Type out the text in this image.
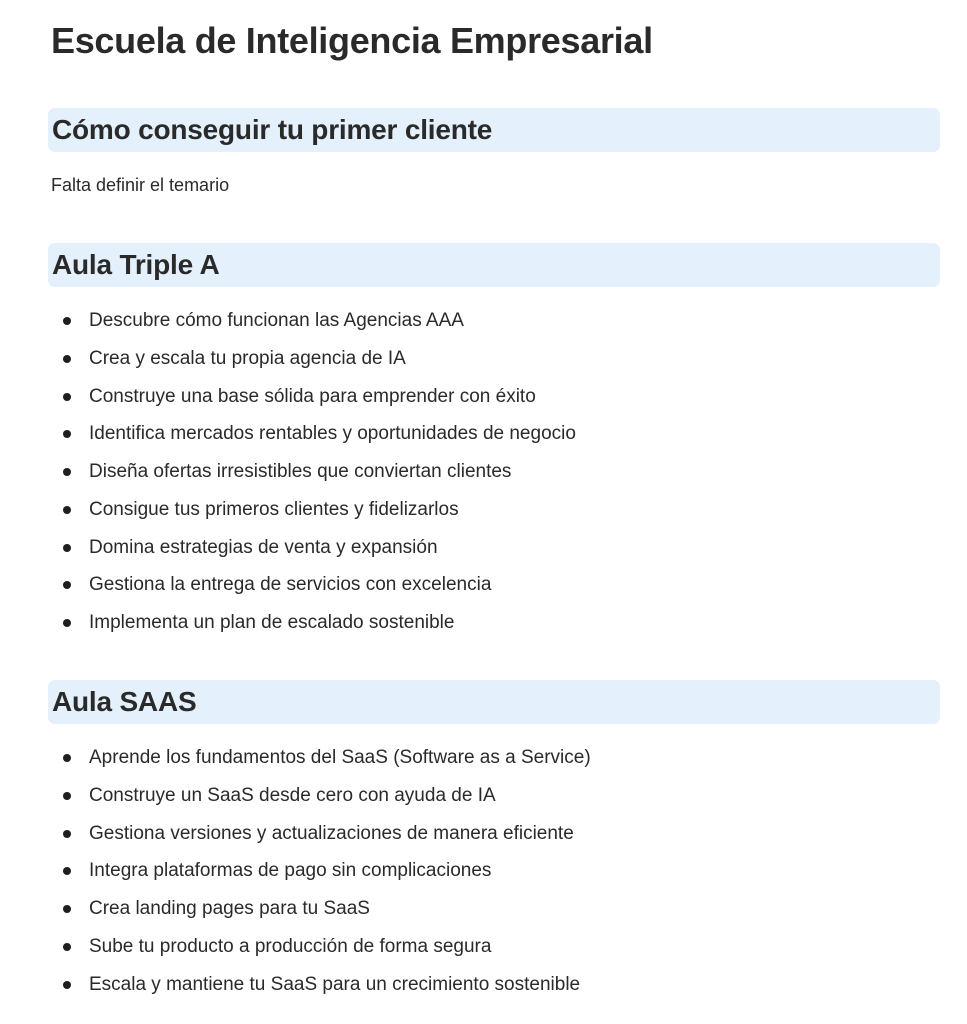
Escuela de Inteligencia Empresarial
Cómo conseguir tu primer cliente

Falta definir el temario

Aula Triple A
Descubre cómo funcionan las Agencias AAA
Crea y escala tu propia agencia de IA
Construye una base sólida para emprender con éxito
Identifica mercados rentables y oportunidades de negocio
Diseña ofertas irresistibles que conviertan clientes
Consigue tus primeros clientes y fidelizarlos
Domina estrategias de venta y expansión
Gestiona la entrega de servicios con excelencia
Implementa un plan de escalado sostenible
Aula SAAS
Aprende los fundamentos del SaaS (Software as a Service)
Construye un SaaS desde cero con ayuda de IA
Gestiona versiones y actualizaciones de manera eficiente
Integra plataformas de pago sin complicaciones
Crea landing pages para tu SaaS
Sube tu producto a producción de forma segura
Escala y mantiene tu SaaS para un crecimiento sostenible
